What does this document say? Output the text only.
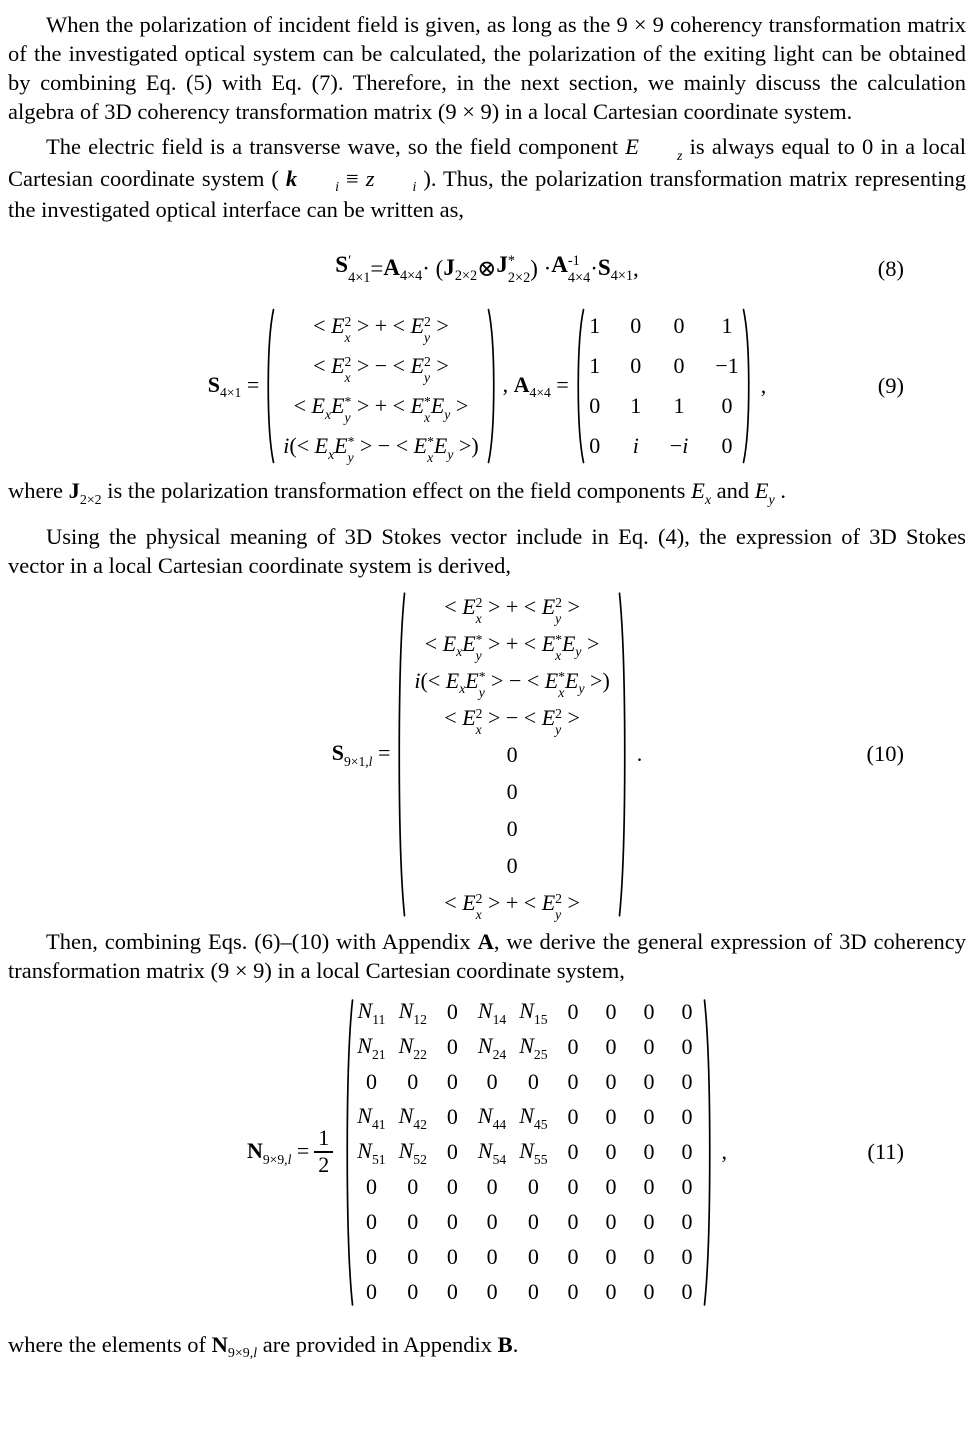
When the polarization of incident field is given, as long as the 9 × 9 coherency transformation matrix of the investigated optical system can be calculated, the polarization of the exiting light can be obtained by combining Eq. (5) with Eq. (7). Therefore, in the next section, we mainly discuss the calculation algebra of 3D coherency transformation matrix (9 × 9) in a local Cartesian coordinate system.

The electric field is a transverse wave, so the field component E	z is always equal to 0 in a local Cartesian coordinate system ( k	i ≡ z	i ). Thus, the polarization transformation matrix representing the investigated optical interface can be written as,

S ′
4×1 = A4×4 · ( J2×2 ⊗ J *
2×2 ) · A -1
4×4 · S4×1 ,	(8)
S4×1 =
< E 2
x > + < E 2
y >
< E 2
x > − < E 2
y >
< ExE *
y > + < E *
x Ey >
i(< ExE *
y > − < E *
x Ey >)
, A4×4 =
1 0 0 1
1 0 0 −1
0 1 1 0
0 i − i 0
,	(9)

where J2×2 is the polarization transformation effect on the field components Ex and Ey .

Using the physical meaning of 3D Stokes vector include in Eq. (4), the expression of 3D Stokes vector in a local Cartesian coordinate system is derived,

S9×1,l =
< E 2
x > + < E 2
y >
< ExE *
y > + < E *
x Ey >
i(< ExE *
y > − < E *
x Ey >)
< E 2
x > − < E 2
y >
0
0
0
0
< E 2
x > + < E 2
y >
.	(10)

Then, combining Eqs. (6)–(10) with Appendix A, we derive the general expression of 3D coherency transformation matrix (9 × 9) in a local Cartesian coordinate system,

$N9\times 9,l = \frac{1}{2}$
N11 N12 0 N14 N15 0 0 0 0
N21 N22 0 N24 N25 0 0 0 0
0 0 0 0 0 0 0 0 0
N41 N42 0 N44 N45 0 0 0 0
N51 N52 0 N54 N55 0 0 0 0
0 0 0 0 0 0 0 0 0
0 0 0 0 0 0 0 0 0
0 0 0 0 0 0 0 0 0
0 0 0 0 0 0 0 0 0
,	(11)

where the elements of N9×9,l are provided in Appendix B.
